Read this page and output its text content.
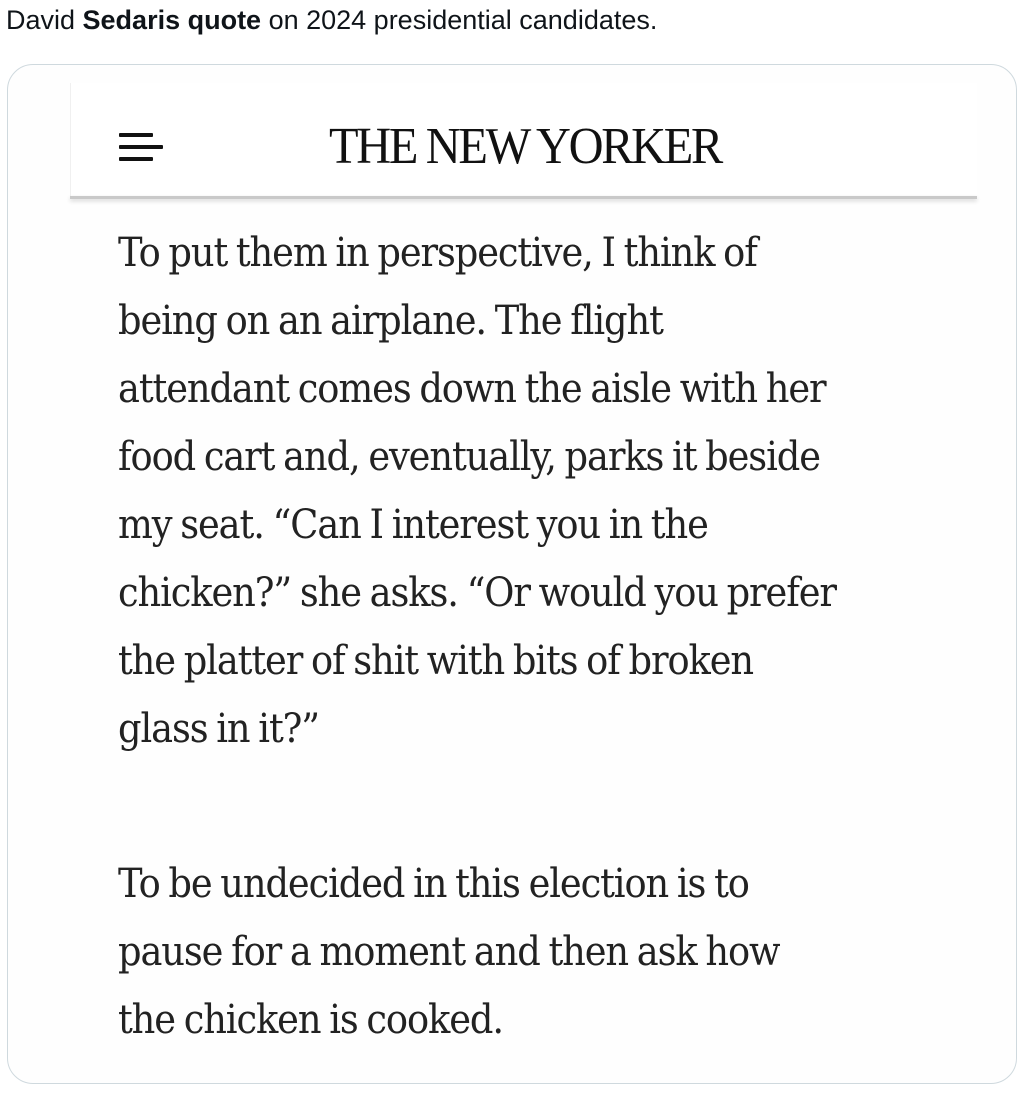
David Sedaris quote on 2024 presidential candidates.
THE NEW YORKER
To put them in perspective, I think of
being on an airplane. The flight
attendant comes down the aisle with her
food cart and, eventually, parks it beside
my seat. “Can I interest you in the
chicken?” she asks. “Or would you prefer
the platter of shit with bits of broken
glass in it?”
To be undecided in this election is to
pause for a moment and then ask how
the chicken is cooked.
